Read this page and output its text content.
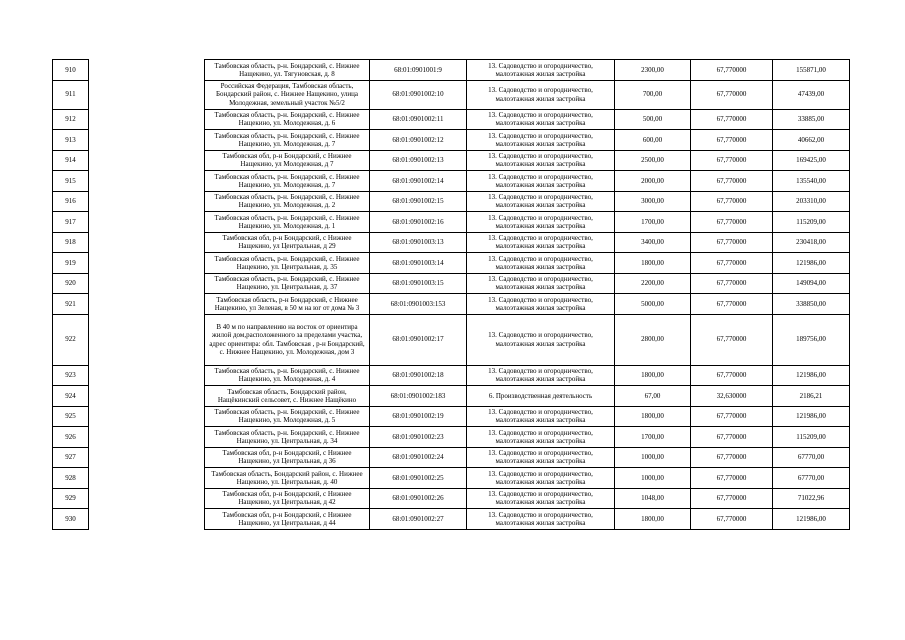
910		Тамбовская область, р-н. Бондарский, с. Нижнее Нащекино, ул. Тягуновская, д. 8	68:01:0901001:9	13. Садоводство и огородничество, малоэтажная жилая застройка	2300,00	67,770000	155871,00
911		Российская Федерация, Тамбовская область, Бондарский район, с. Нижнее Нащекино, улица Молодежная, земельный участок №5/2	68:01:0901002:10	13. Садоводство и огородничество, малоэтажная жилая застройка	700,00	67,770000	47439,00
912		Тамбовская область, р-н. Бондарский, с. Нижнее Нащекино, ул. Молодежная, д. 6	68:01:0901002:11	13. Садоводство и огородничество, малоэтажная жилая застройка	500,00	67,770000	33885,00
913		Тамбовская область, р-н. Бондарский, с. Нижнее Нащекино, ул. Молодежная, д. 7	68:01:0901002:12	13. Садоводство и огородничество, малоэтажная жилая застройка	600,00	67,770000	40662,00
914		Тамбовская обл, р-н Бондарский, с Нижнее Нащекино, ул Молодежная, д 7	68:01:0901002:13	13. Садоводство и огородничество, малоэтажная жилая застройка	2500,00	67,770000	169425,00
915		Тамбовская область, р-н. Бондарский, с. Нижнее Нащекино, ул. Молодежная, д. 7	68:01:0901002:14	13. Садоводство и огородничество, малоэтажная жилая застройка	2000,00	67,770000	135540,00
916		Тамбовская область, р-н. Бондарский, с. Нижнее Нащекино, ул. Молодежная, д. 2	68:01:0901002:15	13. Садоводство и огородничество, малоэтажная жилая застройка	3000,00	67,770000	203310,00
917		Тамбовская область, р-н. Бондарский, с. Нижнее Нащекино, ул. Молодежная, д. 1	68:01:0901002:16	13. Садоводство и огородничество, малоэтажная жилая застройка	1700,00	67,770000	115209,00
918		Тамбовская обл, р-н Бондарский, с Нижнее Нащекино, ул Центральная, д 29	68:01:0901003:13	13. Садоводство и огородничество, малоэтажная жилая застройка	3400,00	67,770000	230418,00
919		Тамбовская область, р-н. Бондарский, с. Нижнее Нащекино, ул. Центральная, д. 35	68:01:0901003:14	13. Садоводство и огородничество, малоэтажная жилая застройка	1800,00	67,770000	121986,00
920		Тамбовская область, р-н. Бондарский, с. Нижнее Нащекино, ул. Центральная, д. 37	68:01:0901003:15	13. Садоводство и огородничество, малоэтажная жилая застройка	2200,00	67,770000	149094,00
921		Тамбовская область, р-н Бондарский, с Нижнее Нащекино, ул Зеленая, в 50 м на юг от дома № 3	68:01:0901003:153	13. Садоводство и огородничество, малоэтажная жилая застройка	5000,00	67,770000	338850,00
922		В 40 м по направлению на восток от ориентира жилой дом,расположенного за пределами участка, адрес ориентира: обл. Тамбовская , р-н Бондарский, с. Нижнее Нащекино, ул. Молодежная, дом 3	68:01:0901002:17	13. Садоводство и огородничество, малоэтажная жилая застройка	2800,00	67,770000	189756,00
923		Тамбовская область, р-н. Бондарский, с. Нижнее Нащекино, ул. Молодежная, д. 4	68:01:0901002:18	13. Садоводство и огородничество, малоэтажная жилая застройка	1800,00	67,770000	121986,00
924		Тамбовская область, Бондарский район, Нащёкинский сельсовет, с. Нижнее Нащёкино	68:01:0901002:183	6. Производственная деятельность	67,00	32,630000	2186,21
925		Тамбовская область, р-н. Бондарский, с. Нижнее Нащекино, ул. Молодежная, д. 5	68:01:0901002:19	13. Садоводство и огородничество, малоэтажная жилая застройка	1800,00	67,770000	121986,00
926		Тамбовская область, р-н. Бондарский, с. Нижнее Нащекино, ул. Центральная, д. 34	68:01:0901002:23	13. Садоводство и огородничество, малоэтажная жилая застройка	1700,00	67,770000	115209,00
927		Тамбовская обл, р-н Бондарский, с Нижнее Нащекино, ул Центральная, д 36	68:01:0901002:24	13. Садоводство и огородничество, малоэтажная жилая застройка	1000,00	67,770000	67770,00
928		Тамбовская область, Бондарский район, с. Нижнее Нащекино, ул. Центральная, д. 40	68:01:0901002:25	13. Садоводство и огородничество, малоэтажная жилая застройка	1000,00	67,770000	67770,00
929		Тамбовская обл, р-н Бондарский, с Нижнее Нащекино, ул Центральная, д 42	68:01:0901002:26	13. Садоводство и огородничество, малоэтажная жилая застройка	1048,00	67,770000	71022,96
930		Тамбовская обл, р-н Бондарский, с Нижнее Нащекино, ул Центральная, д 44	68:01:0901002:27	13. Садоводство и огородничество, малоэтажная жилая застройка	1800,00	67,770000	121986,00
